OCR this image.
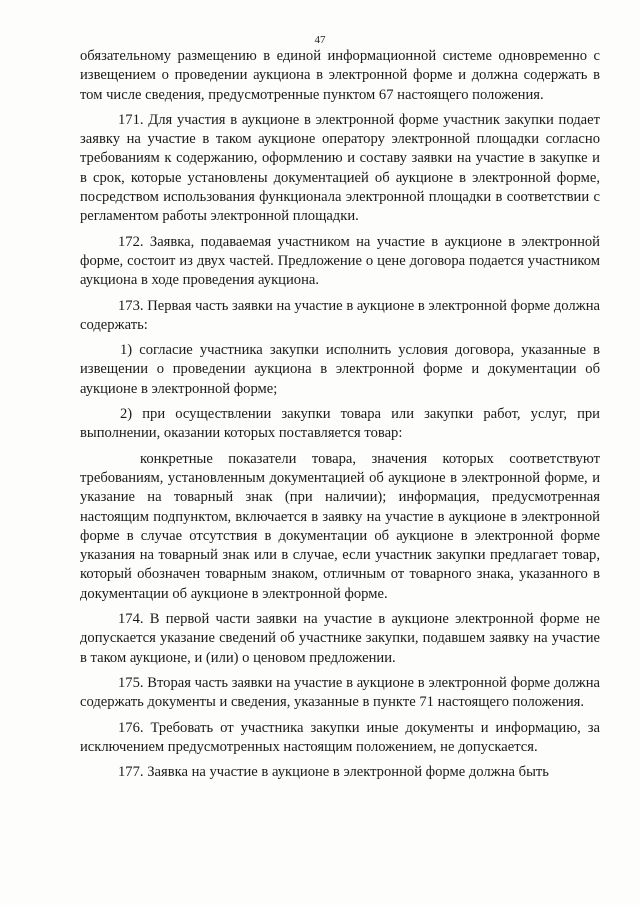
47

обязательному размещению в единой информационной системе одновременно с извещением о проведении аукциона в электронной форме и должна содержать в том числе сведения, предусмотренные пунктом 67 настоящего положения.

171. Для участия в аукционе в электронной форме участник закупки подает заявку на участие в таком аукционе оператору электронной площадки согласно требованиям к содержанию, оформлению и составу заявки на участие в закупке и в срок, которые установлены документацией об аукционе в электронной форме, посредством использования функционала электронной площадки в соответствии с регламентом работы электронной площадки.

172. Заявка, подаваемая участником на участие в аукционе в электронной форме, состоит из двух частей. Предложение о цене договора подается участником аукциона в ходе проведения аукциона.

173. Первая часть заявки на участие в аукционе в электронной форме должна содержать:

1) согласие участника закупки исполнить условия договора, указанные в извещении о проведении аукциона в электронной форме и документации об аукционе в электронной форме;

2) при осуществлении закупки товара или закупки работ, услуг, при выполнении, оказании которых поставляется товар:

конкретные показатели товара, значения которых соответствуют требованиям, установленным документацией об аукционе в электронной форме, и указание на товарный знак (при наличии); информация, предусмотренная настоящим подпунктом, включается в заявку на участие в аукционе в электронной форме в случае отсутствия в документации об аукционе в электронной форме указания на товарный знак или в случае, если участник закупки предлагает товар, который обозначен товарным знаком, отличным от товарного знака, указанного в документации об аукционе в электронной форме.

174. В первой части заявки на участие в аукционе электронной форме не допускается указание сведений об участнике закупки, подавшем заявку на участие в таком аукционе, и (или) о ценовом предложении.

175. Вторая часть заявки на участие в аукционе в электронной форме должна содержать документы и сведения, указанные в пункте 71 настоящего положения.

176. Требовать от участника закупки иные документы и информацию, за исключением предусмотренных настоящим положением, не допускается.

177. Заявка на участие в аукционе в электронной форме должна быть
